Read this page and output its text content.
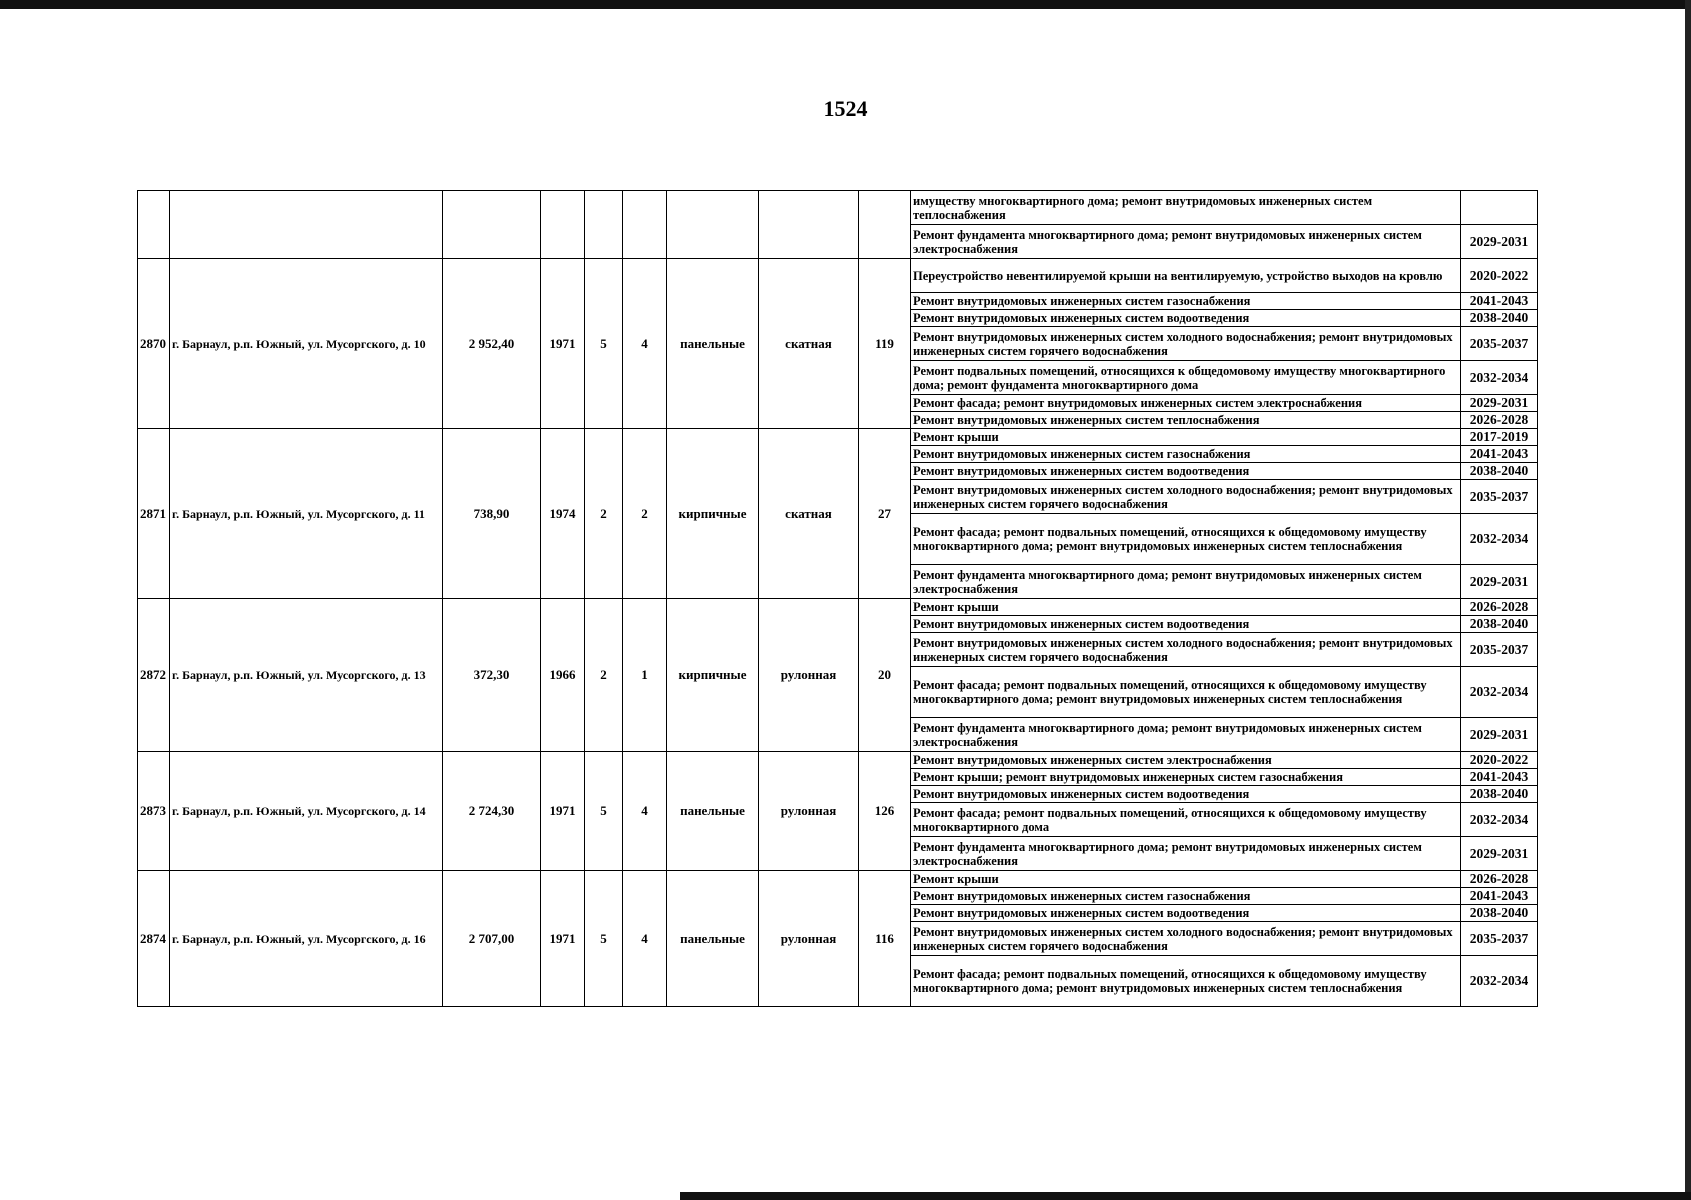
1524
									имуществу многоквартирного дома; ремонт внутридомовых инженерных систем теплоснабжения	
									Ремонт фундамента многоквартирного дома; ремонт внутридомовых инженерных систем электроснабжения	2029-2031
2870	г. Барнаул, р.п. Южный, ул. Мусоргского, д. 10	2 952,40	1971	5	4	панельные	скатная	119	Переустройство невентилируемой крыши на вентилируемую, устройство выходов на кровлю	2020-2022
									Ремонт внутридомовых инженерных систем газоснабжения	2041-2043
									Ремонт внутридомовых инженерных систем водоотведения	2038-2040
									Ремонт внутридомовых инженерных систем холодного водоснабжения; ремонт внутридомовых инженерных систем горячего водоснабжения	2035-2037
									Ремонт подвальных помещений, относящихся к общедомовому имуществу многоквартирного дома; ремонт фундамента многоквартирного дома	2032-2034
									Ремонт фасада; ремонт внутридомовых инженерных систем электроснабжения	2029-2031
									Ремонт внутридомовых инженерных систем теплоснабжения	2026-2028
2871	г. Барнаул, р.п. Южный, ул. Мусоргского, д. 11	738,90	1974	2	2	кирпичные	скатная	27	Ремонт крыши	2017-2019
									Ремонт внутридомовых инженерных систем газоснабжения	2041-2043
									Ремонт внутридомовых инженерных систем водоотведения	2038-2040
									Ремонт внутридомовых инженерных систем холодного водоснабжения; ремонт внутридомовых инженерных систем горячего водоснабжения	2035-2037
									Ремонт фасада; ремонт подвальных помещений, относящихся к общедомовому имуществу многоквартирного дома; ремонт внутридомовых инженерных систем теплоснабжения	2032-2034
									Ремонт фундамента многоквартирного дома; ремонт внутридомовых инженерных систем электроснабжения	2029-2031
2872	г. Барнаул, р.п. Южный, ул. Мусоргского, д. 13	372,30	1966	2	1	кирпичные	рулонная	20	Ремонт крыши	2026-2028
									Ремонт внутридомовых инженерных систем водоотведения	2038-2040
									Ремонт внутридомовых инженерных систем холодного водоснабжения; ремонт внутридомовых инженерных систем горячего водоснабжения	2035-2037
									Ремонт фасада; ремонт подвальных помещений, относящихся к общедомовому имуществу многоквартирного дома; ремонт внутридомовых инженерных систем теплоснабжения	2032-2034
									Ремонт фундамента многоквартирного дома; ремонт внутридомовых инженерных систем электроснабжения	2029-2031
2873	г. Барнаул, р.п. Южный, ул. Мусоргского, д. 14	2 724,30	1971	5	4	панельные	рулонная	126	Ремонт внутридомовых инженерных систем электроснабжения	2020-2022
									Ремонт крыши; ремонт внутридомовых инженерных систем газоснабжения	2041-2043
									Ремонт внутридомовых инженерных систем водоотведения	2038-2040
									Ремонт фасада; ремонт подвальных помещений, относящихся к общедомовому имуществу многоквартирного дома	2032-2034
									Ремонт фундамента многоквартирного дома; ремонт внутридомовых инженерных систем электроснабжения	2029-2031
2874	г. Барнаул, р.п. Южный, ул. Мусоргского, д. 16	2 707,00	1971	5	4	панельные	рулонная	116	Ремонт крыши	2026-2028
									Ремонт внутридомовых инженерных систем газоснабжения	2041-2043
									Ремонт внутридомовых инженерных систем водоотведения	2038-2040
									Ремонт внутридомовых инженерных систем холодного водоснабжения; ремонт внутридомовых инженерных систем горячего водоснабжения	2035-2037
									Ремонт фасада; ремонт подвальных помещений, относящихся к общедомовому имуществу многоквартирного дома; ремонт внутридомовых инженерных систем теплоснабжения	2032-2034
